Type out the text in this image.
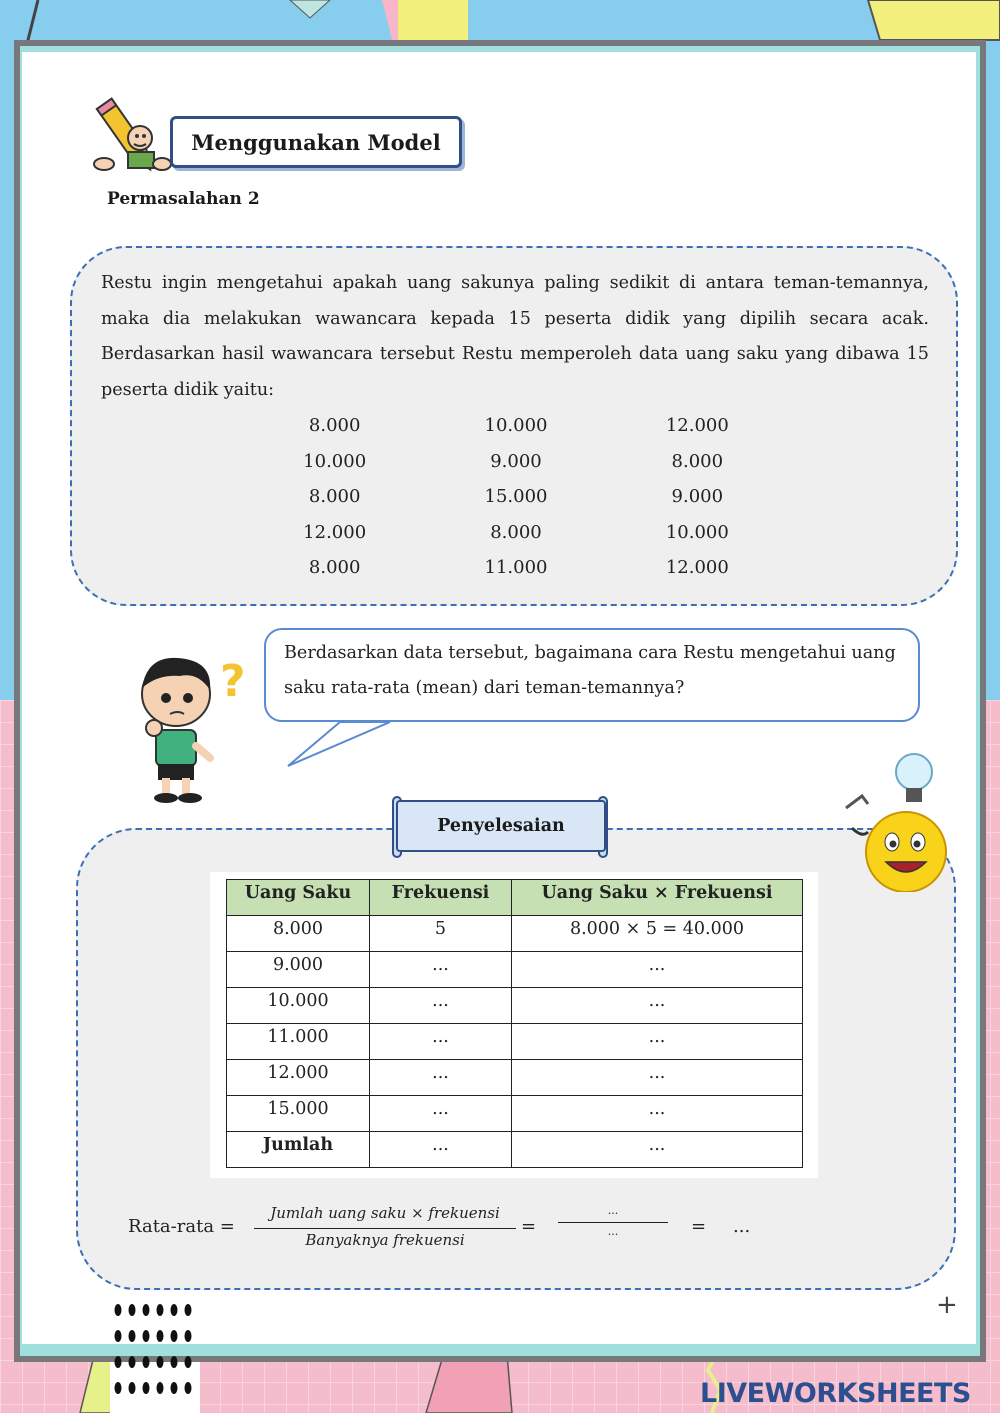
Menggunakan Model
Permasalahan 2
Restu ingin mengetahui apakah uang sakunya paling sedikit di antara teman-temannya, maka dia melakukan wawancara kepada 15 peserta didik yang dipilih secara acak. Berdasarkan hasil wawancara tersebut Restu memperoleh data uang saku yang dibawa 15 peserta didik yaitu:
8.000	10.000	12.000
10.000	9.000	8.000
8.000	15.000	9.000
12.000	8.000	10.000
8.000	11.000	12.000
?
Berdasarkan data tersebut, bagaimana cara Restu mengetahui uang saku rata-rata (mean) dari teman-temannya?
Penyelesaian
Uang Saku	Frekuensi	Uang Saku × Frekuensi
8.000	5	8.000 × 5 = 40.000
9.000	...	...
10.000	...	...
11.000	...	...
12.000	...	...
15.000	...	...
Jumlah	...	...
Rata-rata =
Jumlah uang saku × frekuensi
Banyaknya frekuensi
=
...
...	= ...
+
LIVEWORKSHEETS
